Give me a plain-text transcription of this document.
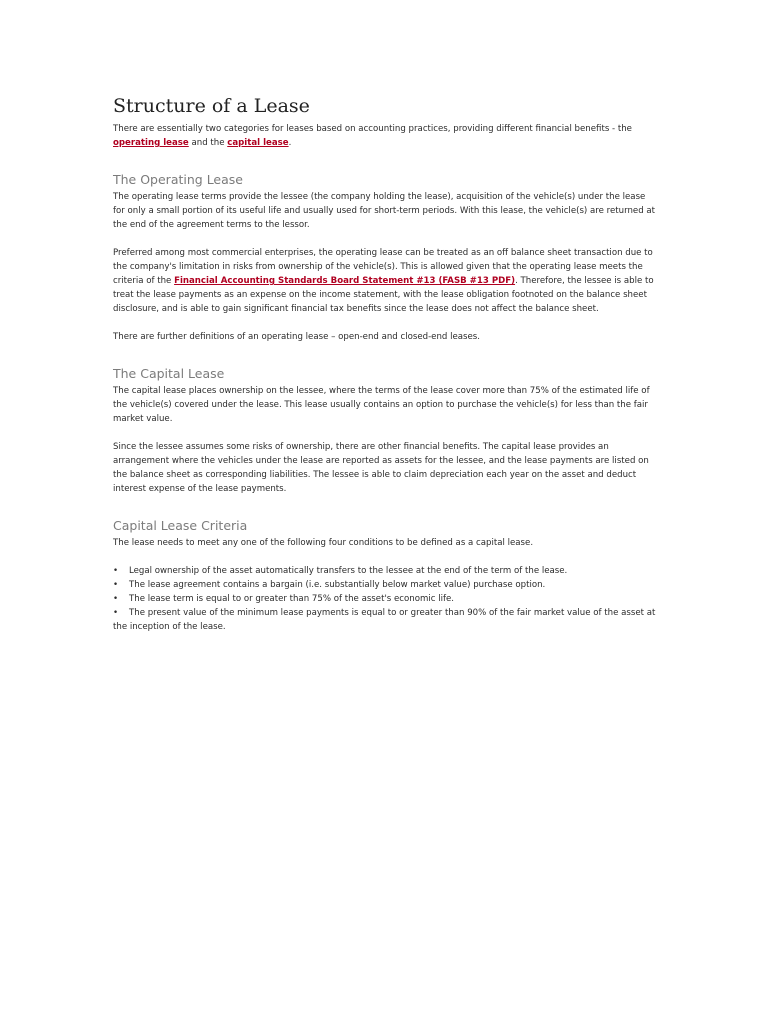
Structure of a Lease

There are essentially two categories for leases based on accounting practices, providing different financial benefits - the operating lease and the capital lease.

The Operating Lease

The operating lease terms provide the lessee (the company holding the lease), acquisition of the vehicle(s) under the lease for only a small portion of its useful life and usually used for short-term periods. With this lease, the vehicle(s) are returned at the end of the agreement terms to the lessor.

Preferred among most commercial enterprises, the operating lease can be treated as an off balance sheet transaction due to the company's limitation in risks from ownership of the vehicle(s). This is allowed given that the operating lease meets the criteria of the Financial Accounting Standards Board Statement #13 (FASB #13 PDF). Therefore, the lessee is able to treat the lease payments as an expense on the income statement, with the lease obligation footnoted on the balance sheet disclosure, and is able to gain significant financial tax benefits since the lease does not affect the balance sheet.

There are further definitions of an operating lease – open-end and closed-end leases.

The Capital Lease

The capital lease places ownership on the lessee, where the terms of the lease cover more than 75% of the estimated life of the vehicle(s) covered under the lease. This lease usually contains an option to purchase the vehicle(s) for less than the fair market value.

Since the lessee assumes some risks of ownership, there are other financial benefits. The capital lease provides an arrangement where the vehicles under the lease are reported as assets for the lessee, and the lease payments are listed on the balance sheet as corresponding liabilities. The lessee is able to claim depreciation each year on the asset and deduct interest expense of the lease payments.

Capital Lease Criteria

The lease needs to meet any one of the following four conditions to be defined as a capital lease.

• Legal ownership of the asset automatically transfers to the lessee at the end of the term of the lease.
• The lease agreement contains a bargain (i.e. substantially below market value) purchase option.
• The lease term is equal to or greater than 75% of the asset's economic life.
• The present value of the minimum lease payments is equal to or greater than 90% of the fair market value of the asset at the inception of the lease.
